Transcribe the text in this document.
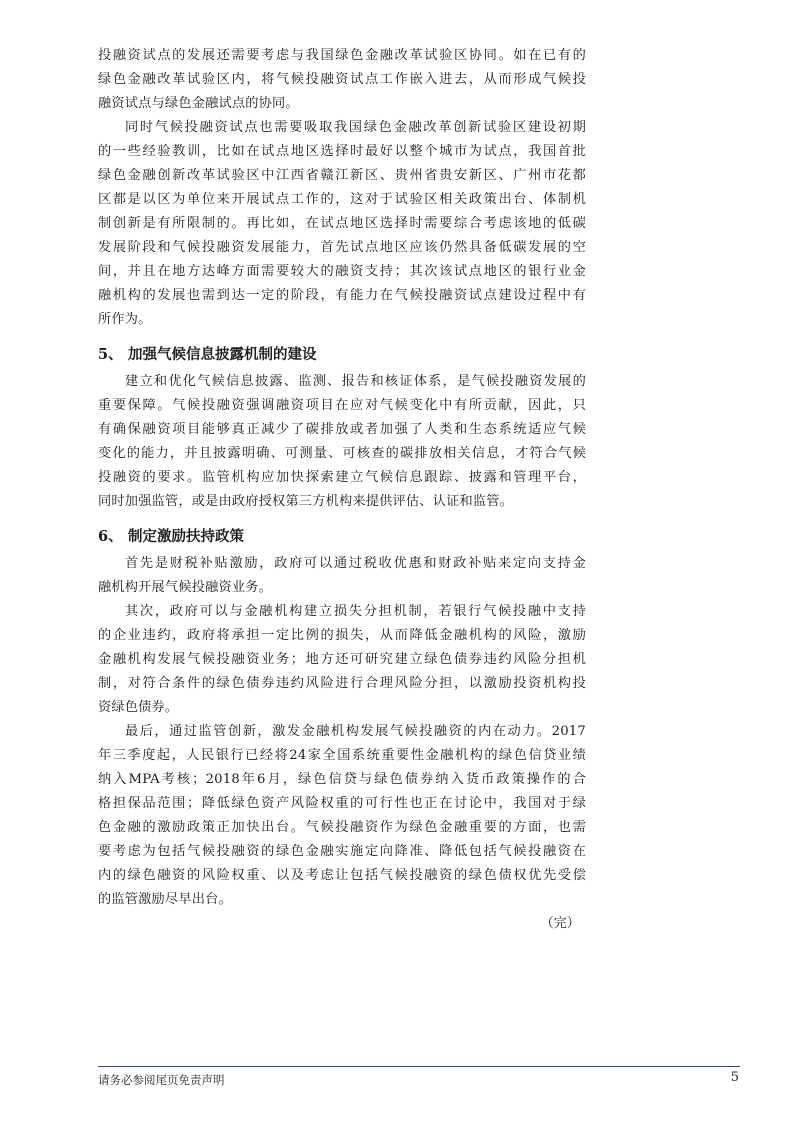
投融资试点的发展还需要考虑与我国绿色金融改革试验区协同。如在已有的
绿色金融改革试验区内，将气候投融资试点工作嵌入进去，从而形成气候投
融资试点与绿色金融试点的协同。
同时气候投融资试点也需要吸取我国绿色金融改革创新试验区建设初期
的一些经验教训，比如在试点地区选择时最好以整个城市为试点，我国首批
绿色金融创新改革试验区中江西省赣江新区、贵州省贵安新区、广州市花都
区都是以区为单位来开展试点工作的，这对于试验区相关政策出台、体制机
制创新是有所限制的。再比如，在试点地区选择时需要综合考虑该地的低碳
发展阶段和气候投融资发展能力，首先试点地区应该仍然具备低碳发展的空
间，并且在地方达峰方面需要较大的融资支持；其次该试点地区的银行业金
融机构的发展也需到达一定的阶段，有能力在气候投融资试点建设过程中有
所作为。
5、 加强气候信息披露机制的建设
建立和优化气候信息披露、监测、报告和核证体系，是气候投融资发展的
重要保障。气候投融资强调融资项目在应对气候变化中有所贡献，因此，只
有确保融资项目能够真正减少了碳排放或者加强了人类和生态系统适应气候
变化的能力，并且披露明确、可测量、可核查的碳排放相关信息，才符合气候
投融资的要求。监管机构应加快探索建立气候信息跟踪、披露和管理平台，
同时加强监管，或是由政府授权第三方机构来提供评估、认证和监管。
6、 制定激励扶持政策
首先是财税补贴激励，政府可以通过税收优惠和财政补贴来定向支持金
融机构开展气候投融资业务。
其次，政府可以与金融机构建立损失分担机制，若银行气候投融中支持
的企业违约，政府将承担一定比例的损失，从而降低金融机构的风险，激励
金融机构发展气候投融资业务；地方还可研究建立绿色债券违约风险分担机
制，对符合条件的绿色债券违约风险进行合理风险分担，以激励投资机构投
资绿色债券。
最后，通过监管创新，激发金融机构发展气候投融资的内在动力。2017
年三季度起，人民银行已经将24家全国系统重要性金融机构的绿色信贷业绩
纳入MPA考核；2018年6月，绿色信贷与绿色债券纳入货币政策操作的合
格担保品范围；降低绿色资产风险权重的可行性也正在讨论中，我国对于绿
色金融的激励政策正加快出台。气候投融资作为绿色金融重要的方面，也需
要考虑为包括气候投融资的绿色金融实施定向降准、降低包括气候投融资在
内的绿色融资的风险权重、以及考虑让包括气候投融资的绿色债权优先受偿
的监管激励尽早出台。
（完）
请务必参阅尾页免责声明	5
